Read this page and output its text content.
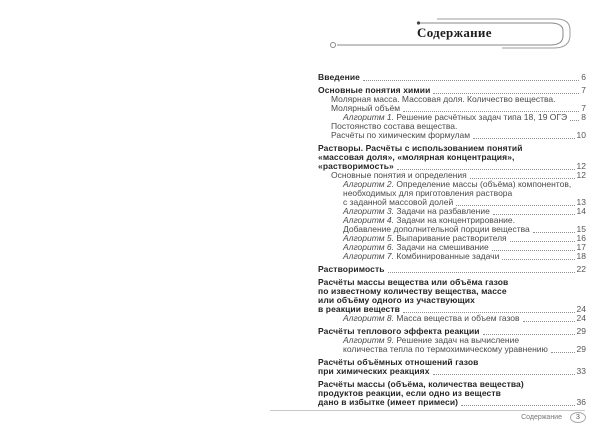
Содержание
Введение	6
Основные понятия химии	7
Молярная масса. Массовая доля. Количество вещества.
Молярный объём	7
Алгоритм 1. Решение расчётных задач типа 18, 19 ОГЭ 8
Постоянство состава вещества.
Расчёты по химическим формулам	10
Растворы. Расчёты с использованием понятий
«массовая доля», «молярная концентрация»,
«растворимость»	12
Основные понятия и определения	12
Алгоритм 2. Определение массы (объёма) компонентов,
необходимых для приготовления раствора
с заданной массовой долей	13
Алгоритм 3. Задачи на разбавление	14
Алгоритм 4. Задачи на концентрирование.
Добавление дополнительной порции вещества	15
Алгоритм 5. Выпаривание растворителя	16
Алгоритм 6. Задачи на смешивание	17
Алгоритм 7. Комбинированные задачи	18
Растворимость	22
Расчёты массы вещества или объёма газов
по известному количеству вещества, массе
или объёму одного из участвующих
в реакции веществ	24
Алгоритм 8. Масса вещества и объем газов	24
Расчёты теплового эффекта реакции	29
Алгоритм 9. Решение задач на вычисление
количества тепла по термохимическому уравнению	29
Расчёты объёмных отношений газов
при химических реакциях	33
Расчёты массы (объёма, количества вещества)
продуктов реакции, если одно из веществ
дано в избытке (имеет примеси)	36
Содержание 3
